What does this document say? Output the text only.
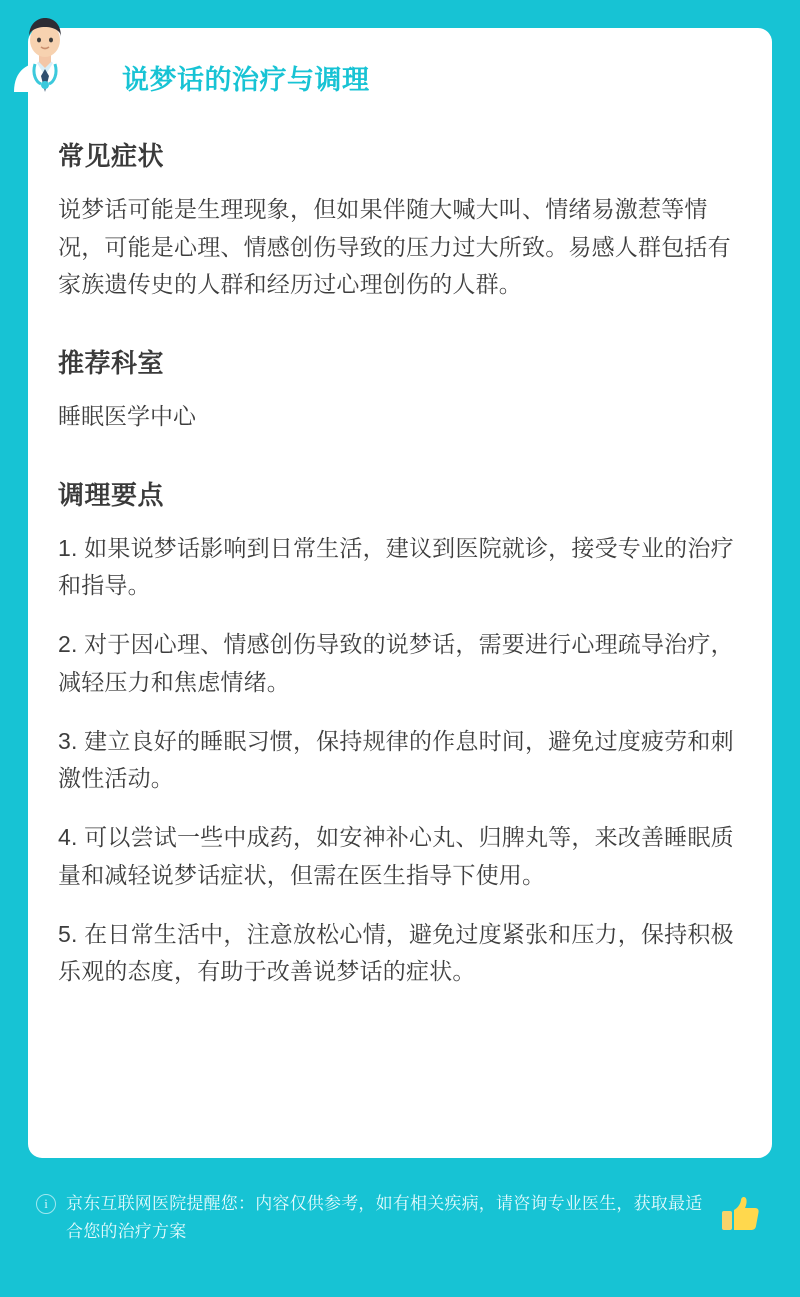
说梦话的治疗与调理
常见症状

说梦话可能是生理现象，但如果伴随大喊大叫、情绪易激惹等情况，可能是心理、情感创伤导致的压力过大所致。易感人群包括有家族遗传史的人群和经历过心理创伤的人群。

推荐科室

睡眠医学中心

调理要点
1. 如果说梦话影响到日常生活，建议到医院就诊，接受专业的治疗和指导。
2. 对于因心理、情感创伤导致的说梦话，需要进行心理疏导治疗，减轻压力和焦虑情绪。
3. 建立良好的睡眠习惯，保持规律的作息时间，避免过度疲劳和刺激性活动。
4. 可以尝试一些中成药，如安神补心丸、归脾丸等，来改善睡眠质量和减轻说梦话症状，但需在医生指导下使用。
5. 在日常生活中，注意放松心情，避免过度紧张和压力，保持积极乐观的态度，有助于改善说梦话的症状。
i	京东互联网医院提醒您：内容仅供参考，如有相关疾病，请咨询专业医生，获取最适合您的治疗方案
